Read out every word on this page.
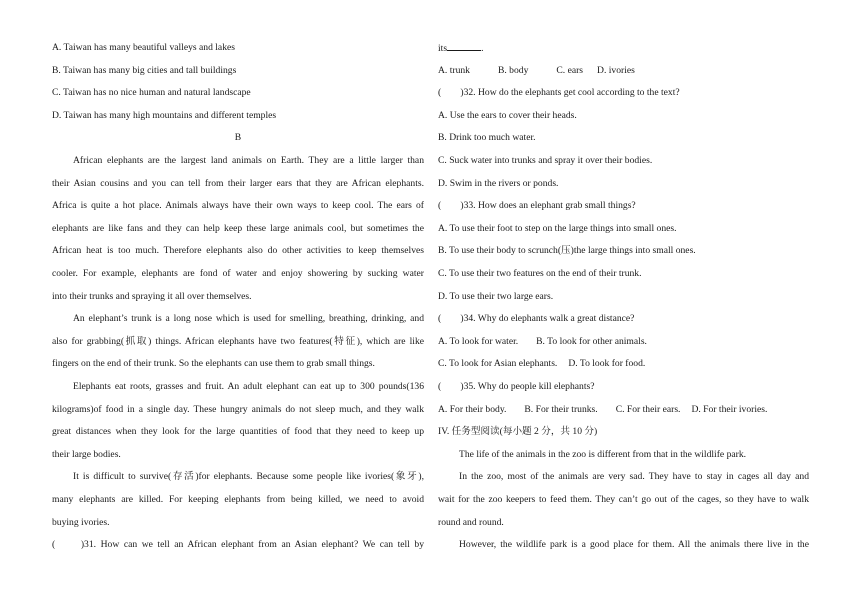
A. Taiwan has many beautiful valleys and lakes
B. Taiwan has many big cities and tall buildings
C. Taiwan has no nice human and natural landscape
D. Taiwan has many high mountains and different temples
B
African elephants are the largest land animals on Earth. They are a little larger than
their Asian cousins and you can tell from their larger ears that they are African elephants.
Africa is quite a hot place. Animals always have their own ways to keep cool. The ears of
elephants are like fans and they can help keep these large animals cool, but sometimes the
African heat is too much. Therefore elephants also do other activities to keep themselves
cooler. For example, elephants are fond of water and enjoy showering by sucking water
into their trunks and spraying it all over themselves.
An elephant’s trunk is a long nose which is used for smelling, breathing, drinking, and
also for grabbing(抓取) things. African elephants have two features(特征), which are like
fingers on the end of their trunk. So the elephants can use them to grab small things.
Elephants eat roots, grasses and fruit. An adult elephant can eat up to 300 pounds(136
kilograms)of food in a single day. These hungry animals do not sleep much, and they walk
great distances when they look for the large quantities of food that they need to keep up
their large bodies.
It is difficult to survive(存活)for elephants. Because some people like ivories(象牙),
many elephants are killed. For keeping elephants from being killed, we need to avoid
buying ivories.
(　　)31. How can we tell an African elephant from an Asian elephant? We can tell by
its	.
A. trunk	B. body	C. ears D. ivories
(　　)32. How do the elephants get cool according to the text?
A. Use the ears to cover their heads.
B. Drink too much water.
C. Suck water into trunks and spray it over their bodies.
D. Swim in the rivers or ponds.
(　　)33. How does an elephant grab small things?
A. To use their foot to step on the large things into small ones.
B. To use their body to scrunch(压)the large things into small ones.
C. To use their two features on the end of their trunk.
D. To use their two large ears.
(　　)34. Why do elephants walk a great distance?
A. To look for water. B. To look for other animals.
C. To look for Asian elephants. D. To look for food.
(　　)35. Why do people kill elephants?
A. For their body. B. For their trunks. C. For their ears. D. For their ivories.
IV. 任务型阅读(每小题 2 分，共 10 分)
The life of the animals in the zoo is different from that in the wildlife park.
In the zoo, most of the animals are very sad. They have to stay in cages all day and
wait for the zoo keepers to feed them. They can’t go out of the cages, so they have to walk
round and round.
However, the wildlife park is a good place for them. All the animals there live in the
